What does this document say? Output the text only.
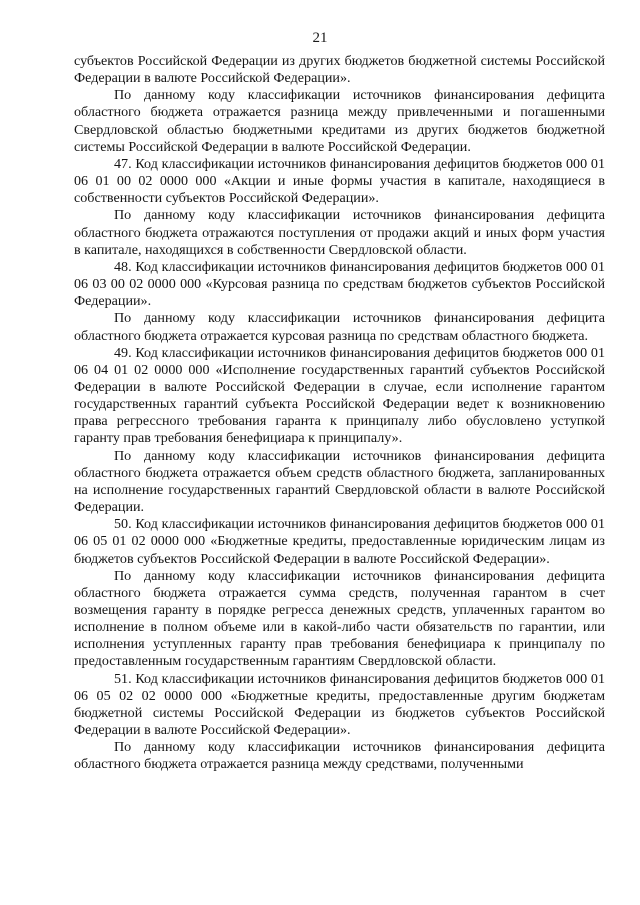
21

субъектов Российской Федерации из других бюджетов бюджетной системы Российской Федерации в валюте Российской Федерации».

По данному коду классификации источников финансирования дефицита областного бюджета отражается разница между привлеченными и погашенными Свердловской областью бюджетными кредитами из других бюджетов бюджетной системы Российской Федерации в валюте Российской Федерации.

47. Код классификации источников финансирования дефицитов бюджетов 000 01 06 01 00 02 0000 000 «Акции и иные формы участия в капитале, находящиеся в собственности субъектов Российской Федерации».

По данному коду классификации источников финансирования дефицита областного бюджета отражаются поступления от продажи акций и иных форм участия в капитале, находящихся в собственности Свердловской области.

48. Код классификации источников финансирования дефицитов бюджетов 000 01 06 03 00 02 0000 000 «Курсовая разница по средствам бюджетов субъектов Российской Федерации».

По данному коду классификации источников финансирования дефицита областного бюджета отражается курсовая разница по средствам областного бюджета.

49. Код классификации источников финансирования дефицитов бюджетов 000 01 06 04 01 02 0000 000 «Исполнение государственных гарантий субъектов Российской Федерации в валюте Российской Федерации в случае, если исполнение гарантом государственных гарантий субъекта Российской Федерации ведет к возникновению права регрессного требования гаранта к принципалу либо обусловлено уступкой гаранту прав требования бенефициара к принципалу».

По данному коду классификации источников финансирования дефицита областного бюджета отражается объем средств областного бюджета, запланированных на исполнение государственных гарантий Свердловской области в валюте Российской Федерации.

50. Код классификации источников финансирования дефицитов бюджетов 000 01 06 05 01 02 0000 000 «Бюджетные кредиты, предоставленные юридическим лицам из бюджетов субъектов Российской Федерации в валюте Российской Федерации».

По данному коду классификации источников финансирования дефицита областного бюджета отражается сумма средств, полученная гарантом в счет возмещения гаранту в порядке регресса денежных средств, уплаченных гарантом во исполнение в полном объеме или в какой-либо части обязательств по гарантии, или исполнения уступленных гаранту прав требования бенефициара к принципалу по предоставленным государственным гарантиям Свердловской области.

51. Код классификации источников финансирования дефицитов бюджетов 000 01 06 05 02 02 0000 000 «Бюджетные кредиты, предоставленные другим бюджетам бюджетной системы Российской Федерации из бюджетов субъектов Российской Федерации в валюте Российской Федерации».

По данному коду классификации источников финансирования дефицита областного бюджета отражается разница между средствами, полученными
